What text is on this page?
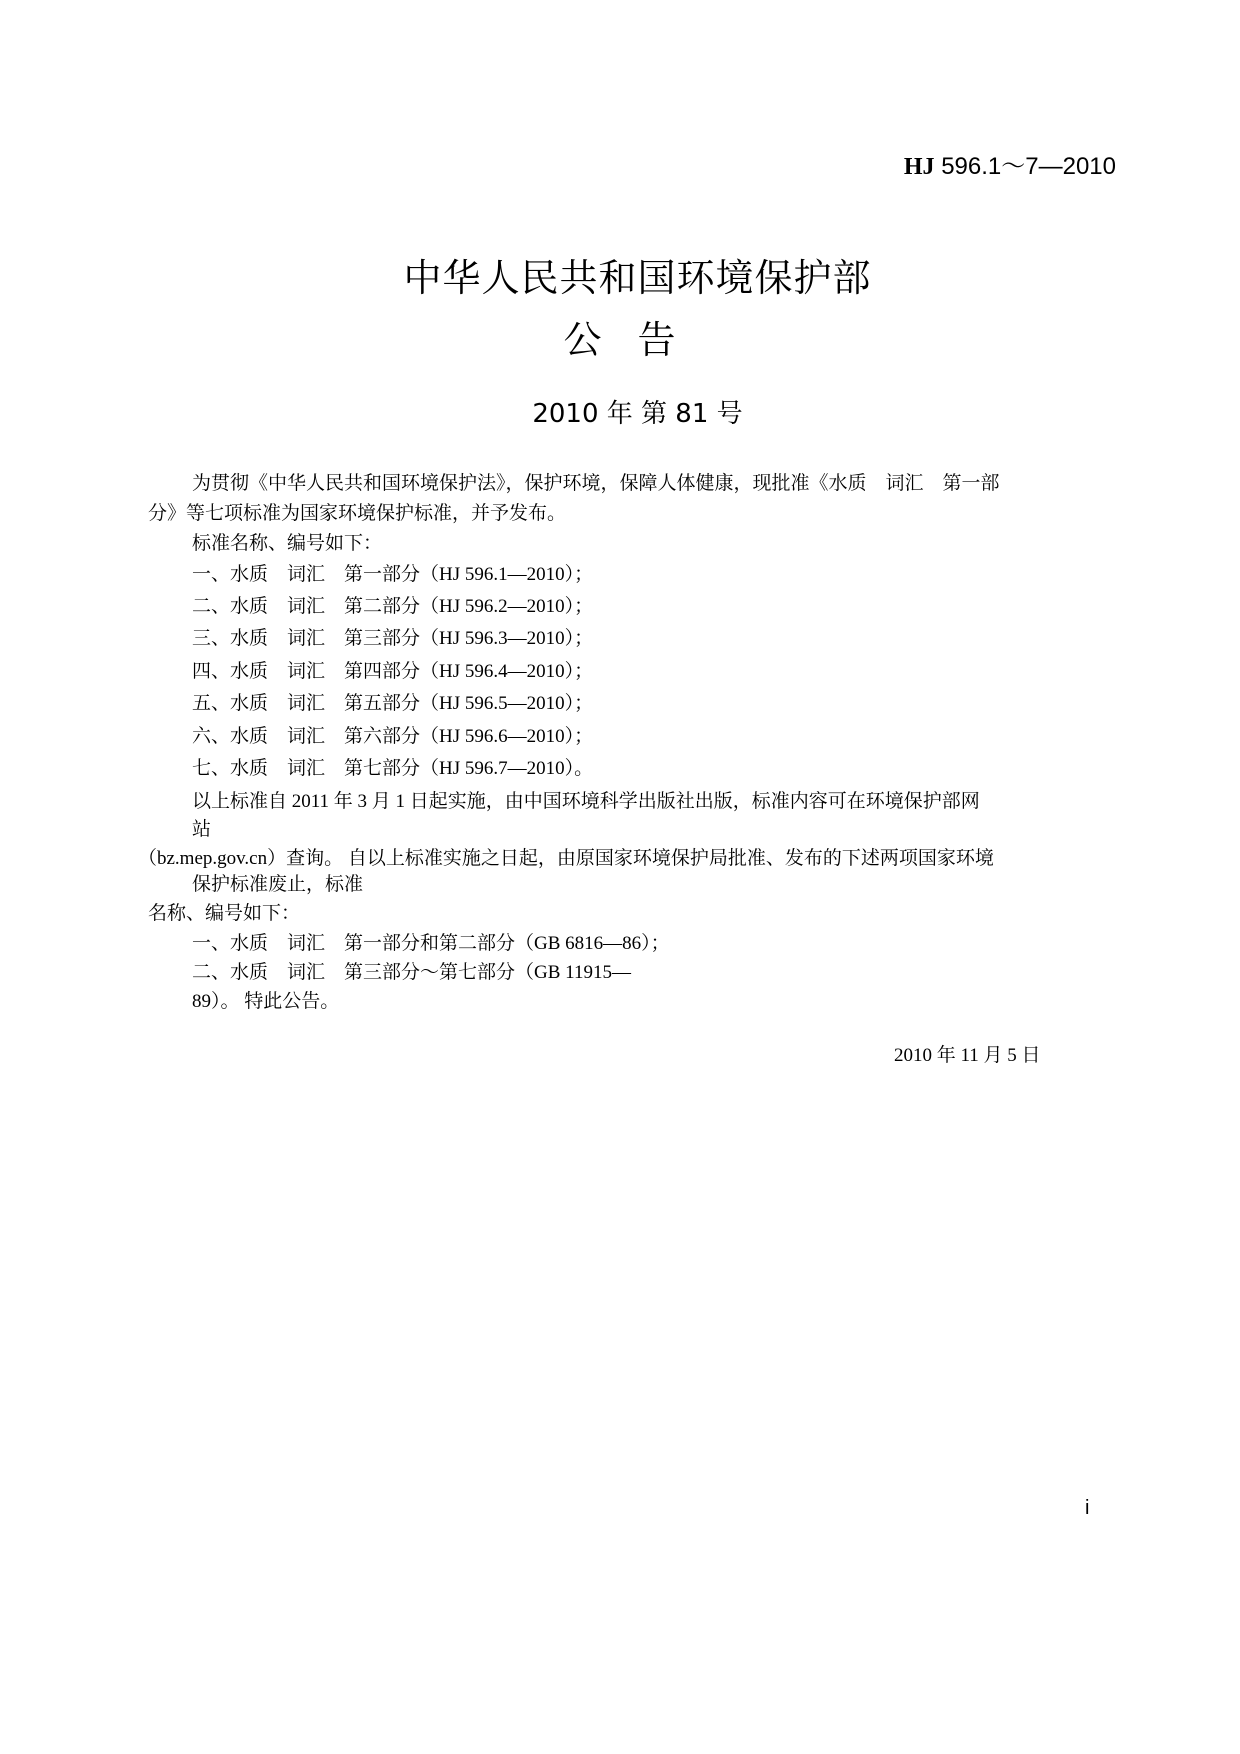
HJ 596.1～7—2010
中华人民共和国环境保护部
公告
2010 年 第 81 号
为贯彻《中华人民共和国环境保护法》，保护环境，保障人体健康，现批准《水质　词汇　第一部
分》等七项标准为国家环境保护标准，并予发布。
标准名称、编号如下：
一、水质　词汇　第一部分（HJ 596.1—2010）；
二、水质　词汇　第二部分（HJ 596.2—2010）；
三、水质　词汇　第三部分（HJ 596.3—2010）；
四、水质　词汇　第四部分（HJ 596.4—2010）；
五、水质　词汇　第五部分（HJ 596.5—2010）；
六、水质　词汇　第六部分（HJ 596.6—2010）；
七、水质　词汇　第七部分（HJ 596.7—2010）。
以上标准自 2011 年 3 月 1 日起实施，由中国环境科学出版社出版，标准内容可在环境保护部网
站
（bz.mep.gov.cn）查询。 自以上标准实施之日起，由原国家环境保护局批准、发布的下述两项国家环境
保护标准废止，标准
名称、编号如下：
一、水质　词汇　第一部分和第二部分（GB 6816—86）；
二、水质　词汇　第三部分～第七部分（GB 11915—
89）。 特此公告。
2010 年 11 月 5 日
i
